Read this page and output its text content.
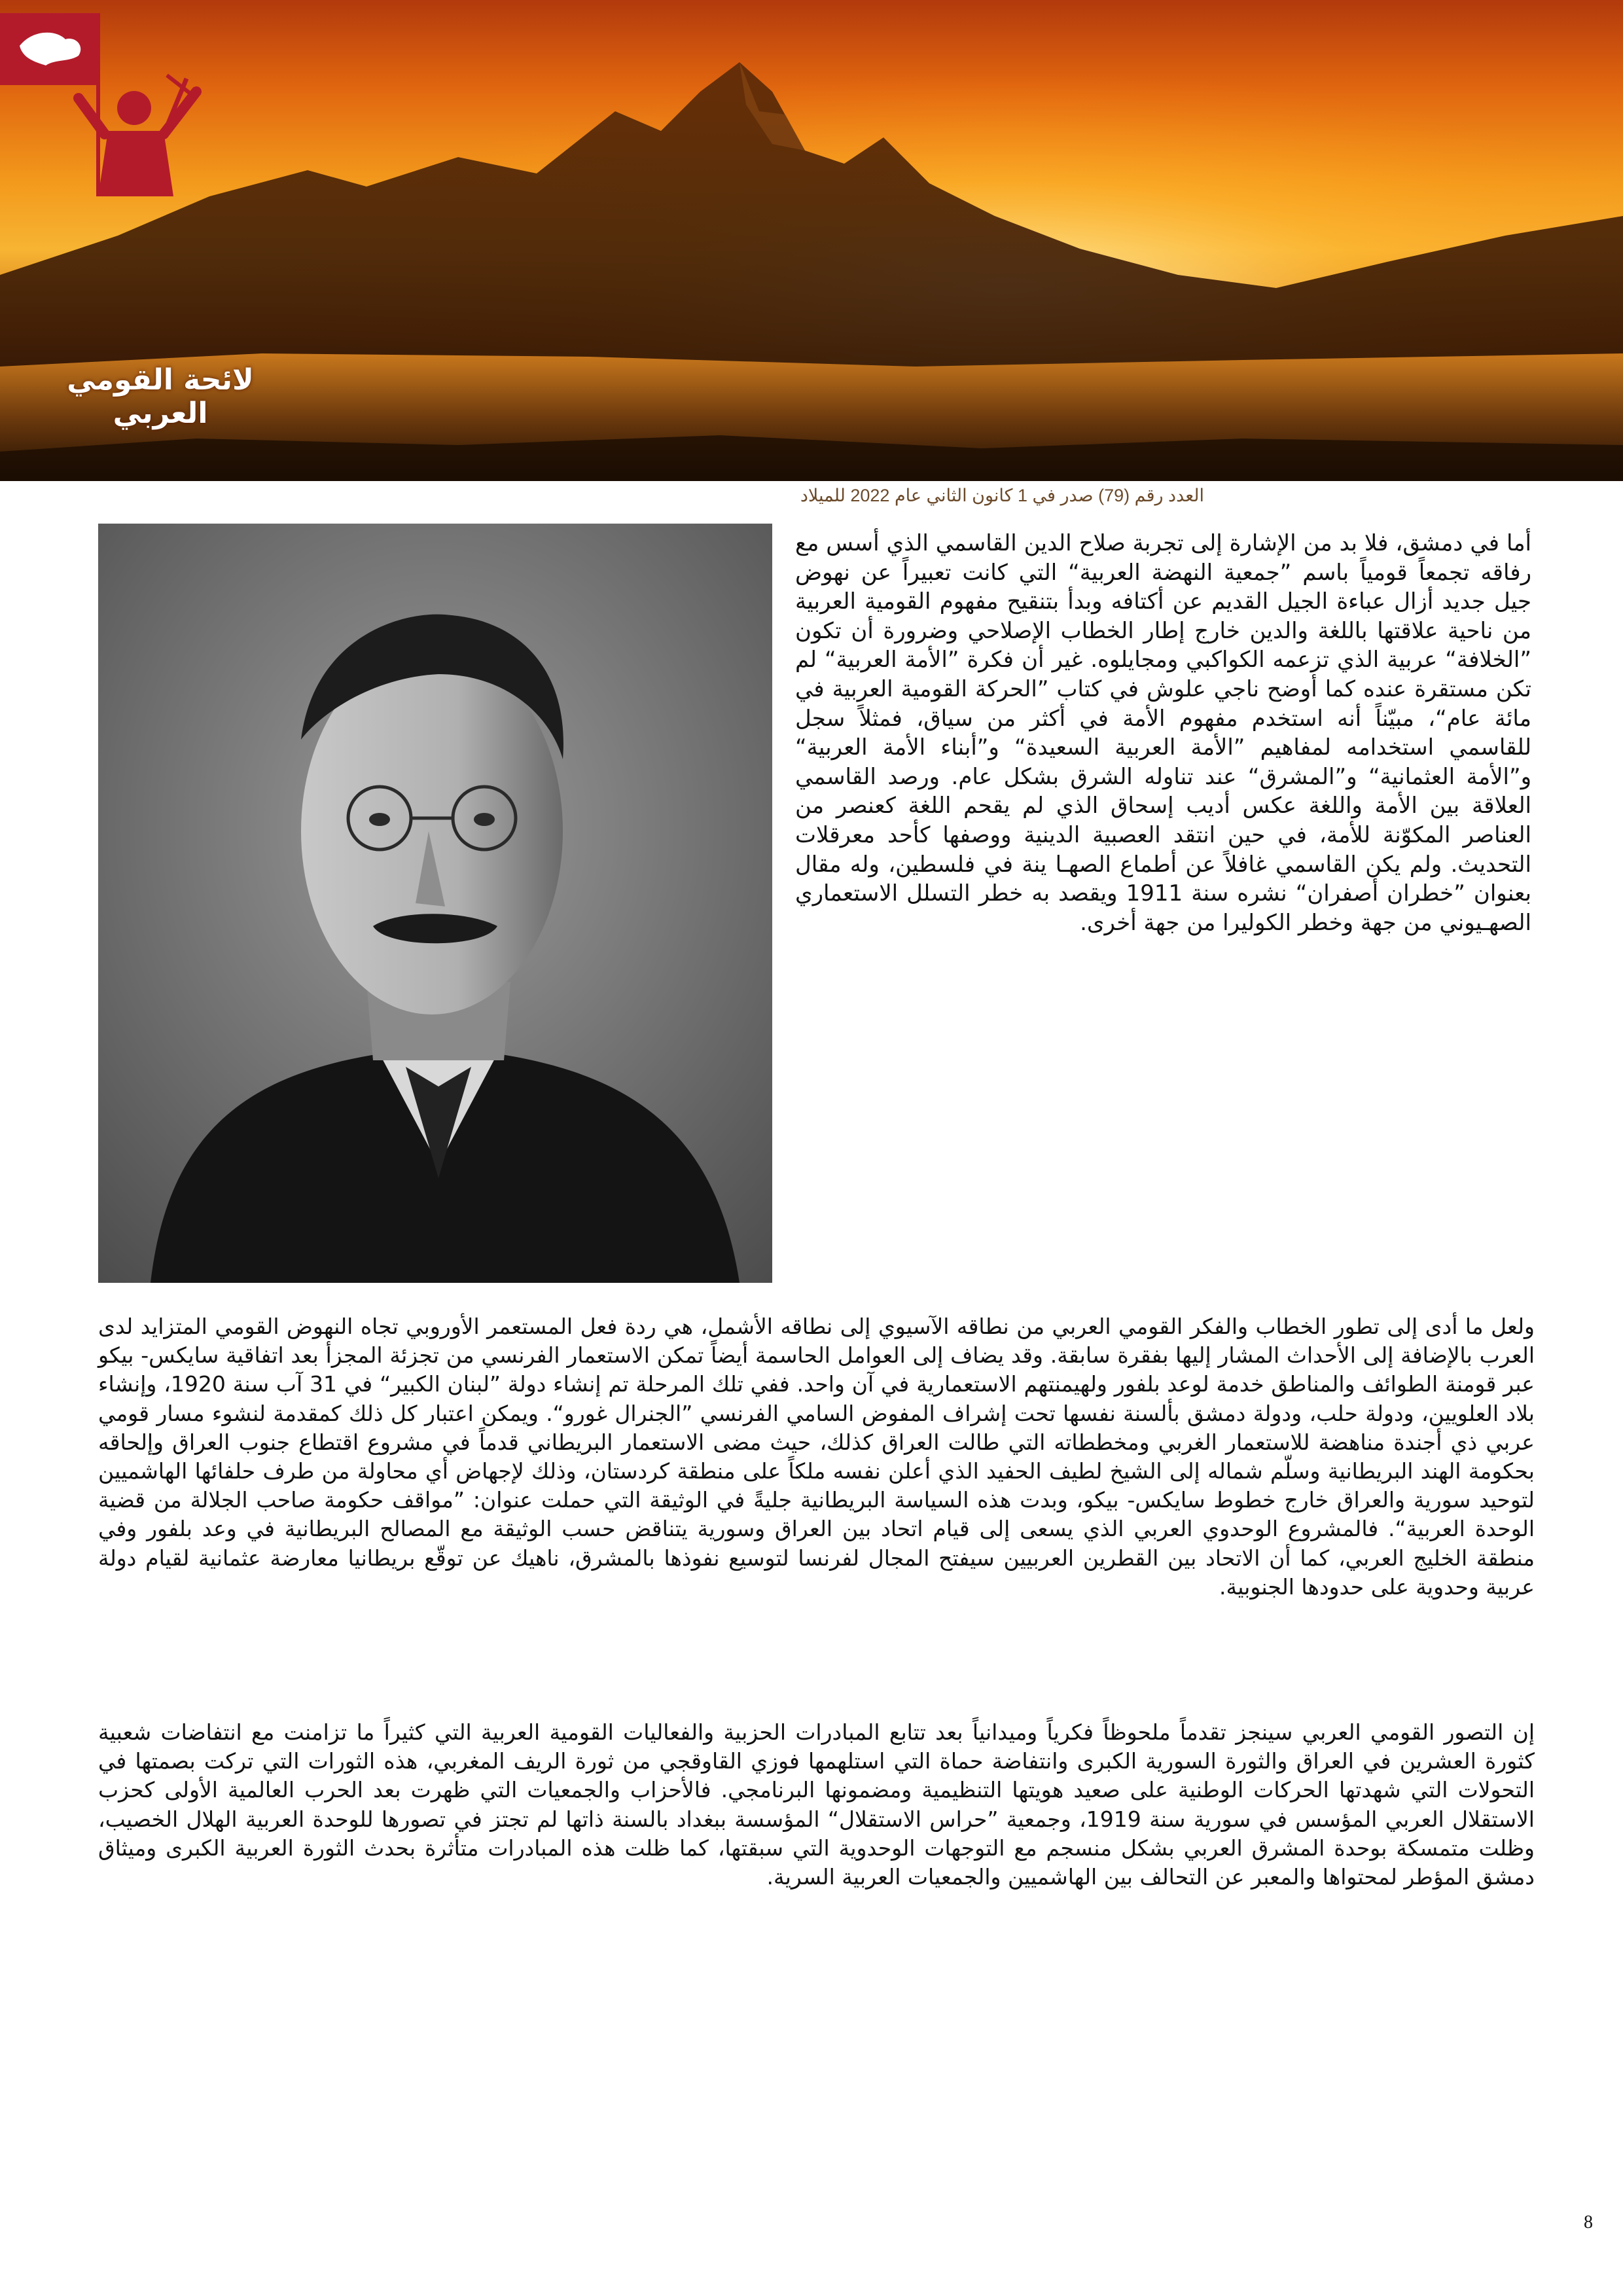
لائحة القومي العربي
العدد رقم (79) صدر في 1 كانون الثاني عام 2022 للميلاد
أما في دمشق، فلا بد من الإشارة إلى تجربة صلاح الدين القاسمي الذي أسس مع رفاقه تجمعاً قومياً باسم ”جمعية النهضة العربية“ التي كانت تعبيراً عن نهوض جيل جديد أزال عباءة الجيل القديم عن أكتافه وبدأ بتنقيح مفهوم القومية العربية من ناحية علاقتها باللغة والدين خارج إطار الخطاب الإصلاحي وضرورة أن تكون ”الخلافة“ عربية الذي تزعمه الكواكبي ومجايلوه. غير أن فكرة ”الأمة العربية“ لم تكن مستقرة عنده كما أوضح ناجي علوش في كتاب ”الحركة القومية العربية في مائة عام“، مبيّناً أنه استخدم مفهوم الأمة في أكثر من سياق، فمثلاً سجل للقاسمي استخدامه لمفاهيم ”الأمة العربية السعيدة“ و”أبناء الأمة العربية“ و”الأمة العثمانية“ و”المشرق“ عند تناوله الشرق بشكل عام. ورصد القاسمي العلاقة بين الأمة واللغة عكس أديب إسحاق الذي لم يقحم اللغة كعنصر من العناصر المكوّنة للأمة، في حين انتقد العصبية الدينية ووصفها كأحد معرقلات التحديث. ولم يكن القاسمي غافلاً عن أطماع الصهـا ينة في فلسطين، وله مقال بعنوان ”خطران أصفران“ نشره سنة 1911 ويقصد به خطر التسلل الاستعماري الصهـيوني من جهة وخطر الكوليرا من جهة أخرى.
ولعل ما أدى إلى تطور الخطاب والفكر القومي العربي من نطاقه الآسيوي إلى نطاقه الأشمل، هي ردة فعل المستعمر الأوروبي تجاه النهوض القومي المتزايد لدى العرب بالإضافة إلى الأحداث المشار إليها بفقرة سابقة. وقد يضاف إلى العوامل الحاسمة أيضاً تمكن الاستعمار الفرنسي من تجزئة المجزأ بعد اتفاقية سايكس- بيكو عبر قومنة الطوائف والمناطق خدمة لوعد بلفور ولهيمنتهم الاستعمارية في آن واحد. ففي تلك المرحلة تم إنشاء دولة ”لبنان الكبير“ في 31 آب سنة 1920، وإنشاء بلاد العلويين، ودولة حلب، ودولة دمشق بألسنة نفسها تحت إشراف المفوض السامي الفرنسي ”الجنرال غورو“. ويمكن اعتبار كل ذلك كمقدمة لنشوء مسار قومي عربي ذي أجندة مناهضة للاستعمار الغربي ومخططاته التي طالت العراق كذلك، حيث مضى الاستعمار البريطاني قدماً في مشروع اقتطاع جنوب العراق وإلحاقه بحكومة الهند البريطانية وسلّم شماله إلى الشيخ لطيف الحفيد الذي أعلن نفسه ملكاً على منطقة كردستان، وذلك لإجهاض أي محاولة من طرف حلفائها الهاشميين لتوحيد سورية والعراق خارج خطوط سايكس- بيكو، وبدت هذه السياسة البريطانية جليةً في الوثيقة التي حملت عنوان: ”مواقف حكومة صاحب الجلالة من قضية الوحدة العربية“. فالمشروع الوحدوي العربي الذي يسعى إلى قيام اتحاد بين العراق وسورية يتناقض حسب الوثيقة مع المصالح البريطانية في وعد بلفور وفي منطقة الخليج العربي، كما أن الاتحاد بين القطرين العربيين سيفتح المجال لفرنسا لتوسيع نفوذها بالمشرق، ناهيك عن توقّع بريطانيا معارضة عثمانية لقيام دولة عربية وحدوية على حدودها الجنوبية.
إن التصور القومي العربي سينجز تقدماً ملحوظاً فكرياً وميدانياً بعد تتابع المبادرات الحزبية والفعاليات القومية العربية التي كثيراً ما تزامنت مع انتفاضات شعبية كثورة العشرين في العراق والثورة السورية الكبرى وانتفاضة حماة التي استلهمها فوزي القاوقجي من ثورة الريف المغربي، هذه الثورات التي تركت بصمتها في التحولات التي شهدتها الحركات الوطنية على صعيد هويتها التنظيمية ومضمونها البرنامجي. فالأحزاب والجمعيات التي ظهرت بعد الحرب العالمية الأولى كحزب الاستقلال العربي المؤسس في سورية سنة 1919، وجمعية ”حراس الاستقلال“ المؤسسة ببغداد بالسنة ذاتها لم تجتز في تصورها للوحدة العربية الهلال الخصيب، وظلت متمسكة بوحدة المشرق العربي بشكل منسجم مع التوجهات الوحدوية التي سبقتها، كما ظلت هذه المبادرات متأثرة بحدث الثورة العربية الكبرى وميثاق دمشق المؤطر لمحتواها والمعبر عن التحالف بين الهاشميين والجمعيات العربية السرية.
8
